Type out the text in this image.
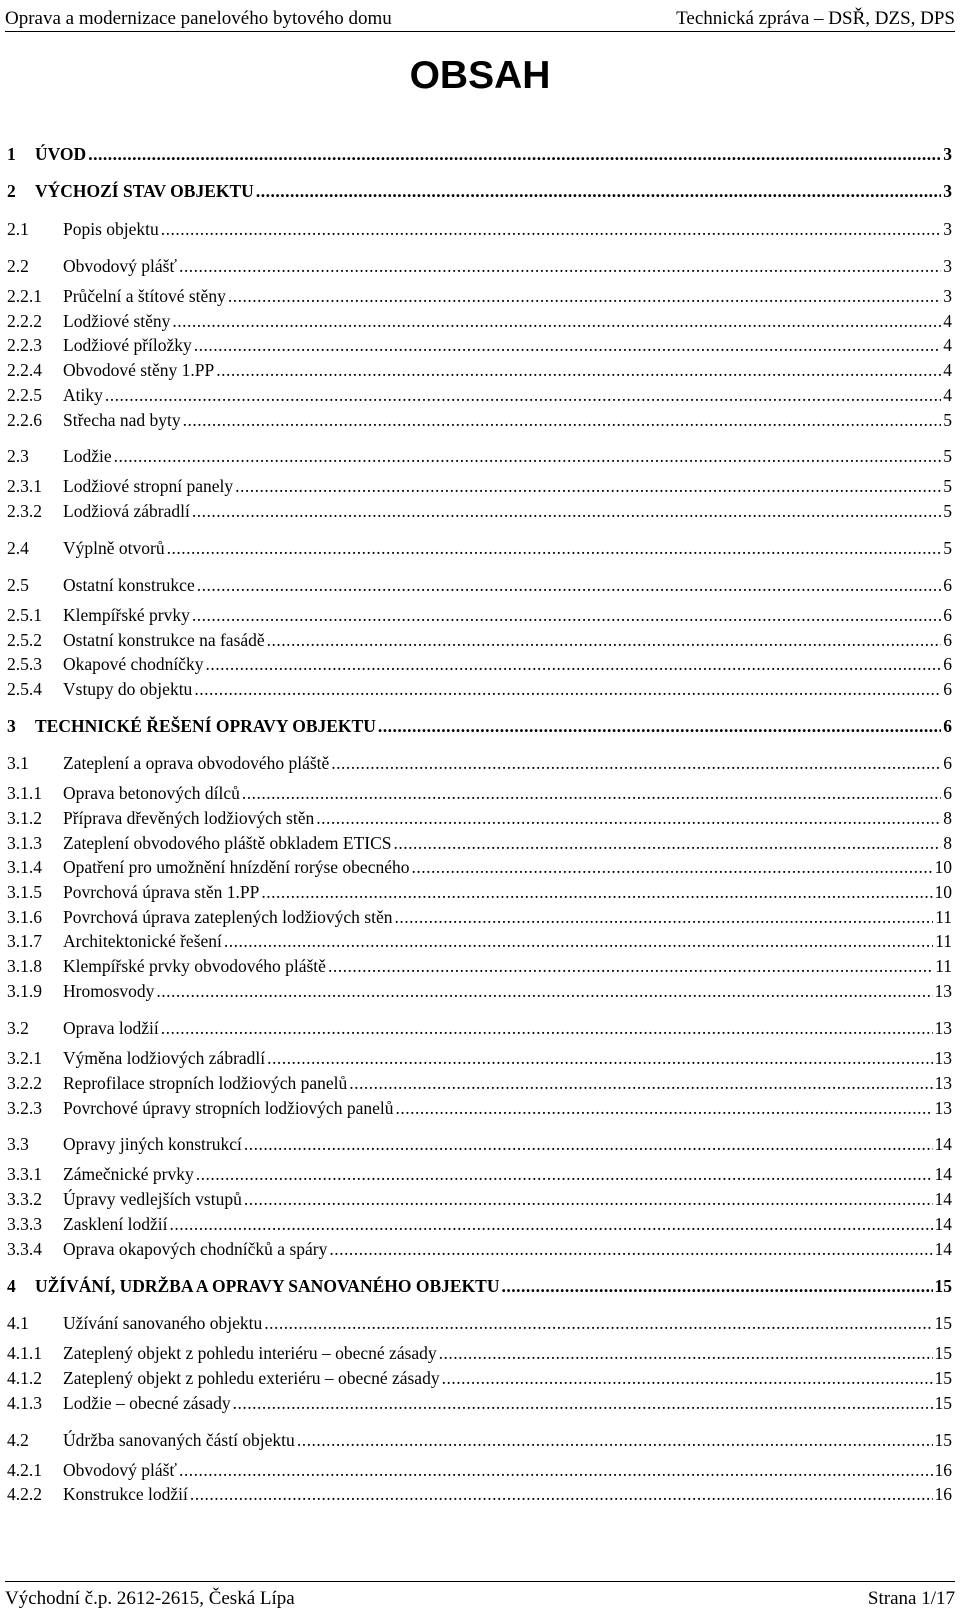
Oprava a modernizace panelového bytového domu	Technická zpráva – DSŘ, DZS, DPS
OBSAH
1	ÚVOD .....	3
2	VÝCHOZÍ STAV OBJEKTU .....	3
2.1	Popis objektu .....	3
2.2	Obvodový plášť .....	3
2.2.1	Průčelní a štítové stěny .....	3
2.2.2	Lodžiové stěny .....	4
2.2.3	Lodžiové příložky .....	4
2.2.4	Obvodové stěny 1.PP .....	4
2.2.5	Atiky .....	4
2.2.6	Střecha nad byty .....	5
2.3	Lodžie .....	5
2.3.1	Lodžiové stropní panely .....	5
2.3.2	Lodžiová zábradlí .....	5
2.4	Výplně otvorů .....	5
2.5	Ostatní konstrukce .....	6
2.5.1	Klempířské prvky .....	6
2.5.2	Ostatní konstrukce na fasádě .....	6
2.5.3	Okapové chodníčky .....	6
2.5.4	Vstupy do objektu .....	6
3	TECHNICKÉ ŘEŠENÍ OPRAVY OBJEKTU .....	6
3.1	Zateplení a oprava obvodového pláště .....	6
3.1.1	Oprava betonových dílců .....	6
3.1.2	Příprava dřevěných lodžiových stěn .....	8
3.1.3	Zateplení obvodového pláště obkladem ETICS .....	8
3.1.4	Opatření pro umožnění hnízdění rorýse obecného .....	10
3.1.5	Povrchová úprava stěn 1.PP .....	10
3.1.6	Povrchová úprava zateplených lodžiových stěn .....	11
3.1.7	Architektonické řešení .....	11
3.1.8	Klempířské prvky obvodového pláště .....	11
3.1.9	Hromosvody .....	13
3.2	Oprava lodžií .....	13
3.2.1	Výměna lodžiových zábradlí .....	13
3.2.2	Reprofilace stropních lodžiových panelů .....	13
3.2.3	Povrchové úpravy stropních lodžiových panelů .....	13
3.3	Opravy jiných konstrukcí .....	14
3.3.1	Zámečnické prvky .....	14
3.3.2	Úpravy vedlejších vstupů .....	14
3.3.3	Zasklení lodžií .....	14
3.3.4	Oprava okapových chodníčků a spáry .....	14
4	UŽÍVÁNÍ, UDRŽBA A OPRAVY SANOVANÉHO OBJEKTU .....	15
4.1	Užívání sanovaného objektu .....	15
4.1.1	Zateplený objekt z pohledu interiéru – obecné zásady .....	15
4.1.2	Zateplený objekt z pohledu exteriéru – obecné zásady .....	15
4.1.3	Lodžie – obecné zásady .....	15
4.2	Údržba sanovaných částí objektu .....	15
4.2.1	Obvodový plášť .....	16
4.2.2	Konstrukce lodžií .....	16
Východní č.p. 2612-2615, Česká Lípa	Strana 1/17
